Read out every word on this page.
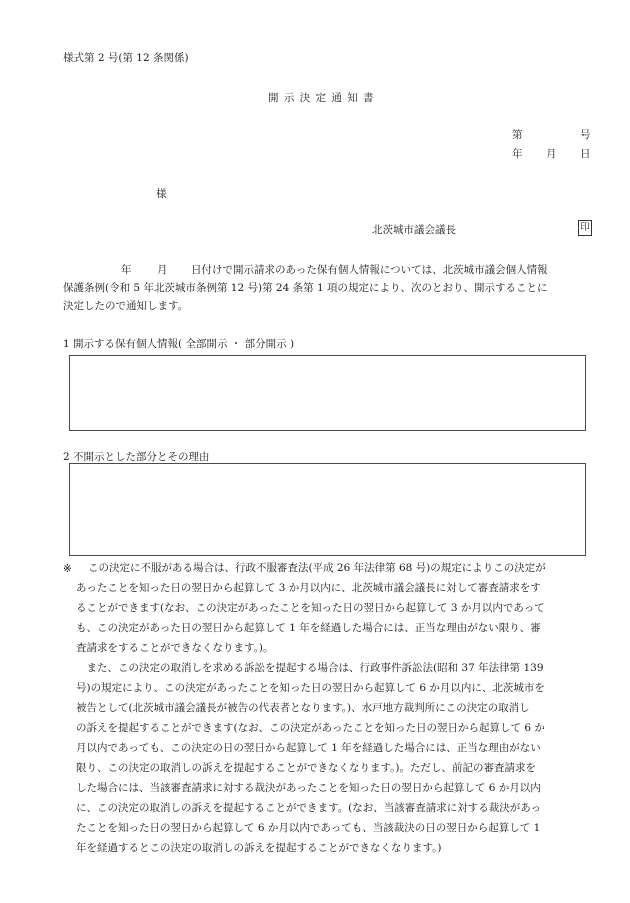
様式第 2 号(第 12 条関係)
開 示 決 定 通 知 書
第	号
年 月 日
様
北茨城市議会議長	印
年 月 日付けで開示請求のあった保有個人情報については、北茨城市議会個人情報
保護条例(令和 5 年北茨城市条例第 12 号)第 24 条第 1 項の規定により、次のとおり、開示することに
決定したので通知します。
1 開示する保有個人情報( 全部開示 ・ 部分開示 )
2 不開示とした部分とその理由
※ この決定に不服がある場合は、行政不服審査法(平成 26 年法律第 68 号)の規定によりこの決定が
あったことを知った日の翌日から起算して 3 か月以内に、北茨城市議会議長に対して審査請求をす
ることができます(なお、この決定があったことを知った日の翌日から起算して 3 か月以内であって
も、この決定があった日の翌日から起算して 1 年を経過した場合には、正当な理由がない限り、審
査請求をすることができなくなります。)。
　また、この決定の取消しを求める訴訟を提起する場合は、行政事件訴訟法(昭和 37 年法律第 139
号)の規定により、この決定があったことを知った日の翌日から起算して 6 か月以内に、北茨城市を
被告として(北茨城市議会議長が被告の代表者となります。)、水戸地方裁判所にこの決定の取消し
の訴えを提起することができます(なお、この決定があったことを知った日の翌日から起算して 6 か
月以内であっても、この決定の日の翌日から起算して 1 年を経過した場合には、正当な理由がない
限り、この決定の取消しの訴えを提起することができなくなります。)。ただし、前記の審査請求を
した場合には、当該審査請求に対する裁決があったことを知った日の翌日から起算して 6 か月以内
に、この決定の取消しの訴えを提起することができます。(なお、当該審査請求に対する裁決があっ
たことを知った日の翌日から起算して 6 か月以内であっても、当該裁決の日の翌日から起算して 1
年を経過するとこの決定の取消しの訴えを提起することができなくなります。)
